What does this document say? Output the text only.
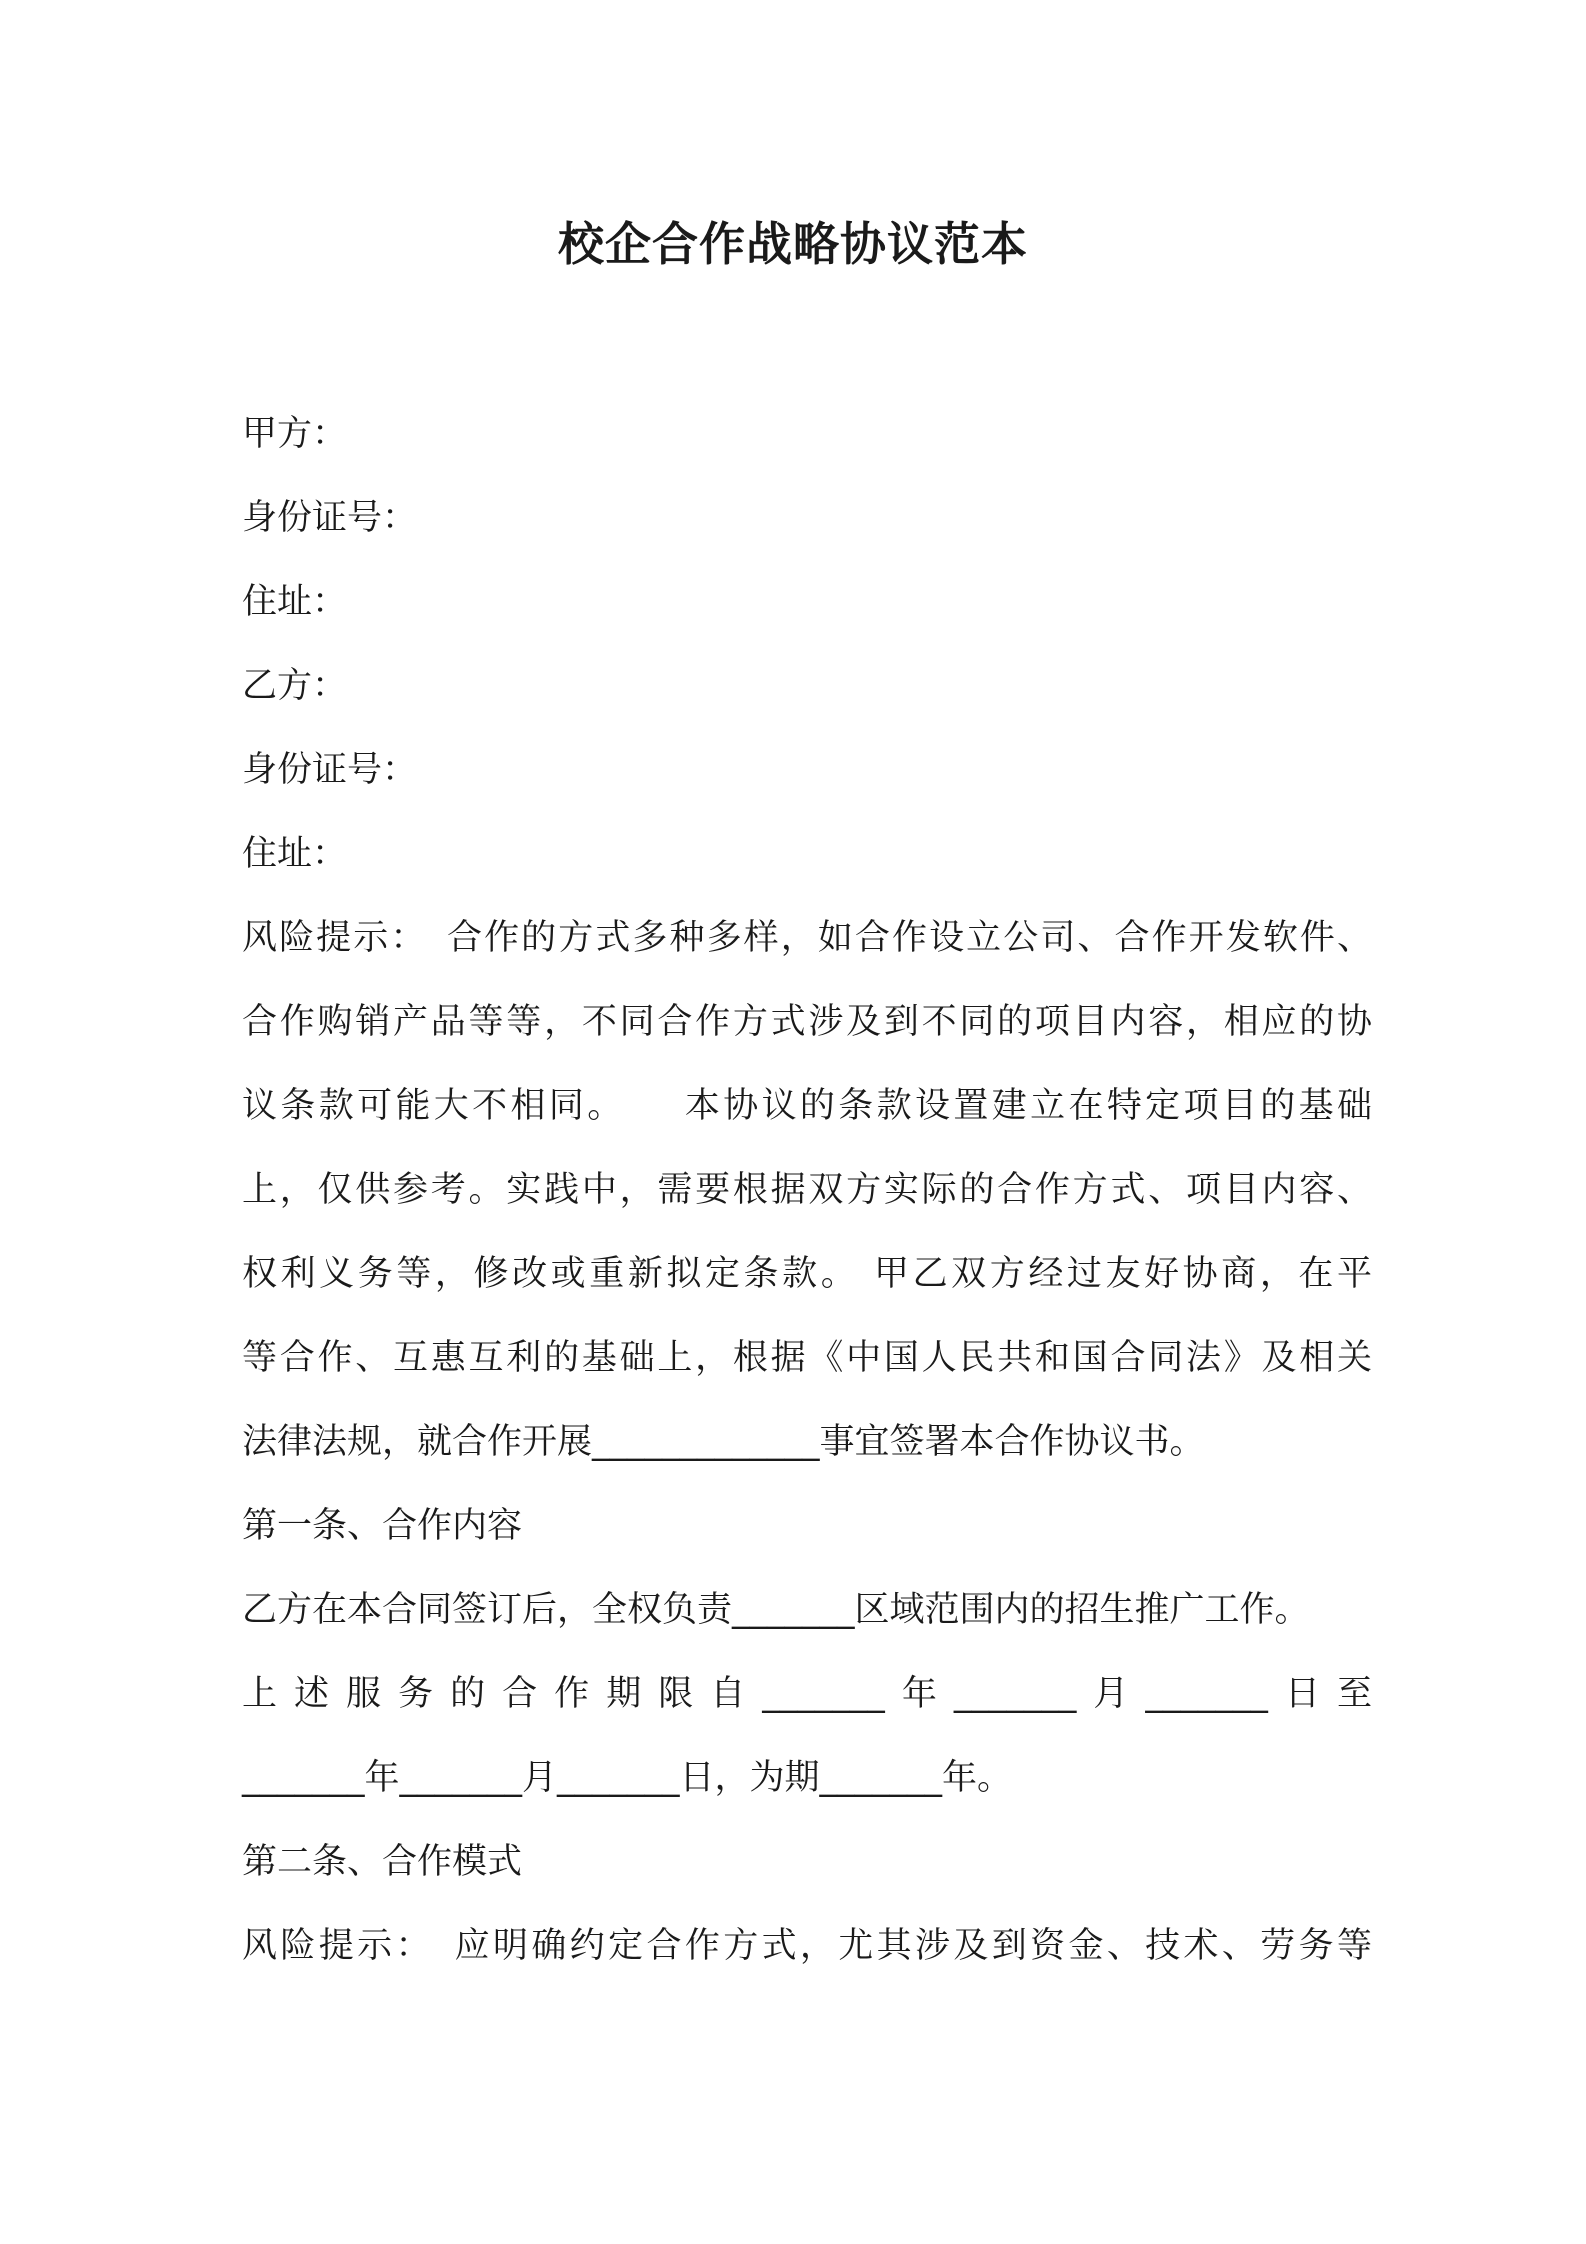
校企合作战略协议范本

甲方：

身份证号：

住址：

乙方：

身份证号：

住址：

风险提示：　合作的方式多种多样，如合作设立公司、合作开发软件、

合作购销产品等等，不同合作方式涉及到不同的项目内容，相应的协

议条款可能大不相同。　　本协议的条款设置建立在特定项目的基础

上，仅供参考。实践中，需要根据双方实际的合作方式、项目内容、

权利义务等，修改或重新拟定条款。 甲乙双方经过友好协商，在平

等合作、互惠互利的基础上，根据《中国人民共和国合同法》及相关

法律法规，就合作开展_____________事宜签署本合作协议书。

第一条、合作内容

乙方在本合同签订后，全权负责_______区域范围内的招生推广工作。

上述服务的合作期限自_______年_______月_______日至

_______年_______月_______日，为期_______年。

第二条、合作模式

风险提示：　应明确约定合作方式，尤其涉及到资金、技术、劳务等
